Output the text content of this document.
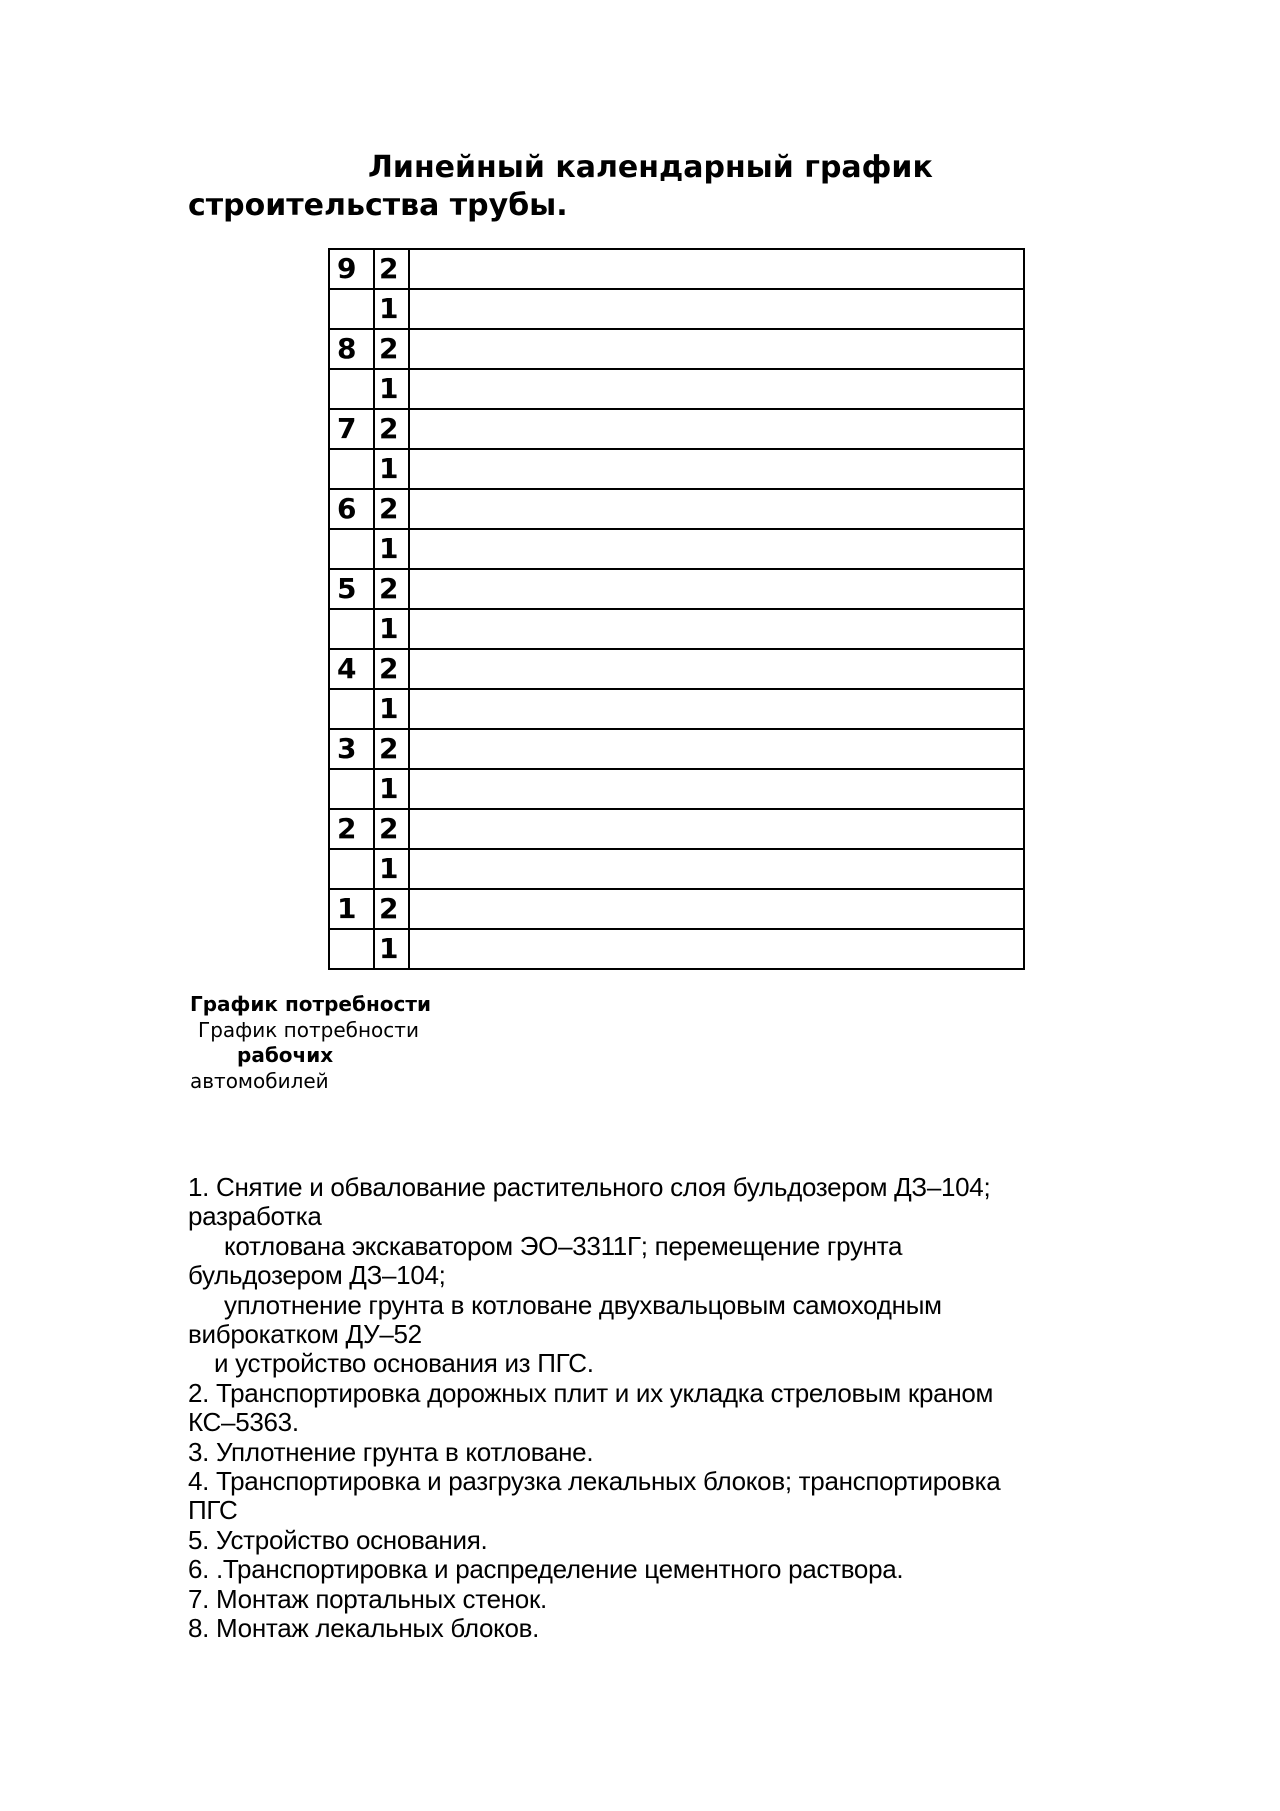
Линейный календарный график
строительства трубы.
9	2	
	1	
8	2	
	1	
7	2	
	1	
6	2	
	1	
5	2	
	1	
4	2	
	1	
3	2	
	1	
2	2	
	1	
1	2	
	1	
График потребности
График потребности
рабочих
автомобилей
1. Снятие и обвалование растительного слоя бульдозером ДЗ–104;
разработка
котлована экскаватором ЭО–3311Г; перемещение грунта
бульдозером ДЗ–104;
уплотнение грунта в котловане двухвальцовым самоходным
виброкатком ДУ–52
и устройство основания из ПГС.
2. Транспортировка дорожных плит и их укладка стреловым краном
КС–5363.
3. Уплотнение грунта в котловане.
4. Транспортировка и разгрузка лекальных блоков; транспортировка
ПГС
5. Устройство основания.
6. .Транспортировка и распределение цементного раствора.
7. Монтаж портальных стенок.
8. Монтаж лекальных блоков.
